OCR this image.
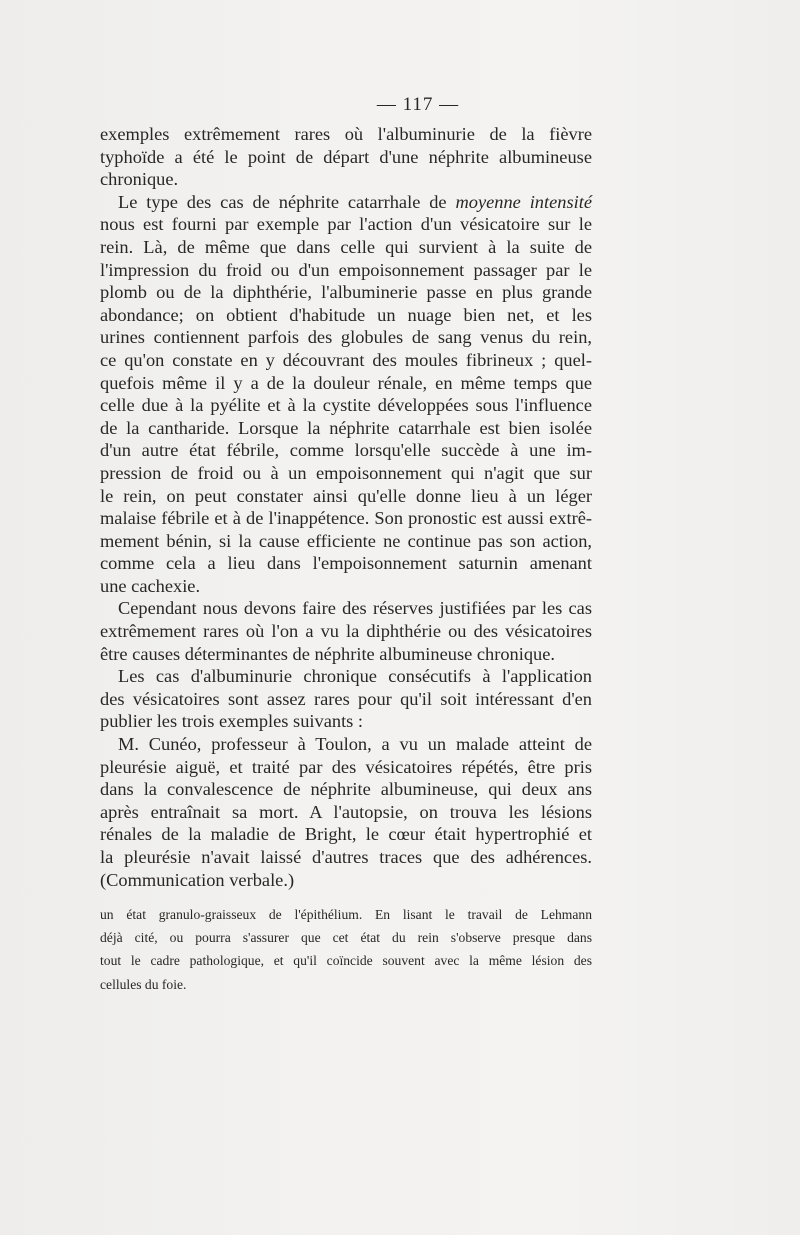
— 117 —
exemples extrêmement rares où l'albuminurie de la fièvre
typhoïde a été le point de départ d'une néphrite albumineuse
chronique.
Le type des cas de néphrite catarrhale de moyenne intensité
nous est fourni par exemple par l'action d'un vésicatoire sur le
rein. Là, de même que dans celle qui survient à la suite de
l'impression du froid ou d'un empoisonnement passager par le
plomb ou de la diphthérie, l'albuminerie passe en plus grande
abondance; on obtient d'habitude un nuage bien net, et les
urines contiennent parfois des globules de sang venus du rein,
ce qu'on constate en y découvrant des moules fibrineux ; quel-
quefois même il y a de la douleur rénale, en même temps que
celle due à la pyélite et à la cystite développées sous l'influence
de la cantharide. Lorsque la néphrite catarrhale est bien isolée
d'un autre état fébrile, comme lorsqu'elle succède à une im-
pression de froid ou à un empoisonnement qui n'agit que sur
le rein, on peut constater ainsi qu'elle donne lieu à un léger
malaise fébrile et à de l'inappétence. Son pronostic est aussi extrê-
mement bénin, si la cause efficiente ne continue pas son action,
comme cela a lieu dans l'empoisonnement saturnin amenant
une cachexie.
Cependant nous devons faire des réserves justifiées par les cas
extrêmement rares où l'on a vu la diphthérie ou des vésicatoires
être causes déterminantes de néphrite albumineuse chronique.
Les cas d'albuminurie chronique consécutifs à l'application
des vésicatoires sont assez rares pour qu'il soit intéressant d'en
publier les trois exemples suivants :
M. Cunéo, professeur à Toulon, a vu un malade atteint de
pleurésie aiguë, et traité par des vésicatoires répétés, être pris
dans la convalescence de néphrite albumineuse, qui deux ans
après entraînait sa mort. A l'autopsie, on trouva les lésions
rénales de la maladie de Bright, le cœur était hypertrophié et
la pleurésie n'avait laissé d'autres traces que des adhérences.
(Communication verbale.)
un état granulo-graisseux de l'épithélium. En lisant le travail de Lehmann
déjà cité, ou pourra s'assurer que cet état du rein s'observe presque dans
tout le cadre pathologique, et qu'il coïncide souvent avec la même lésion des
cellules du foie.
